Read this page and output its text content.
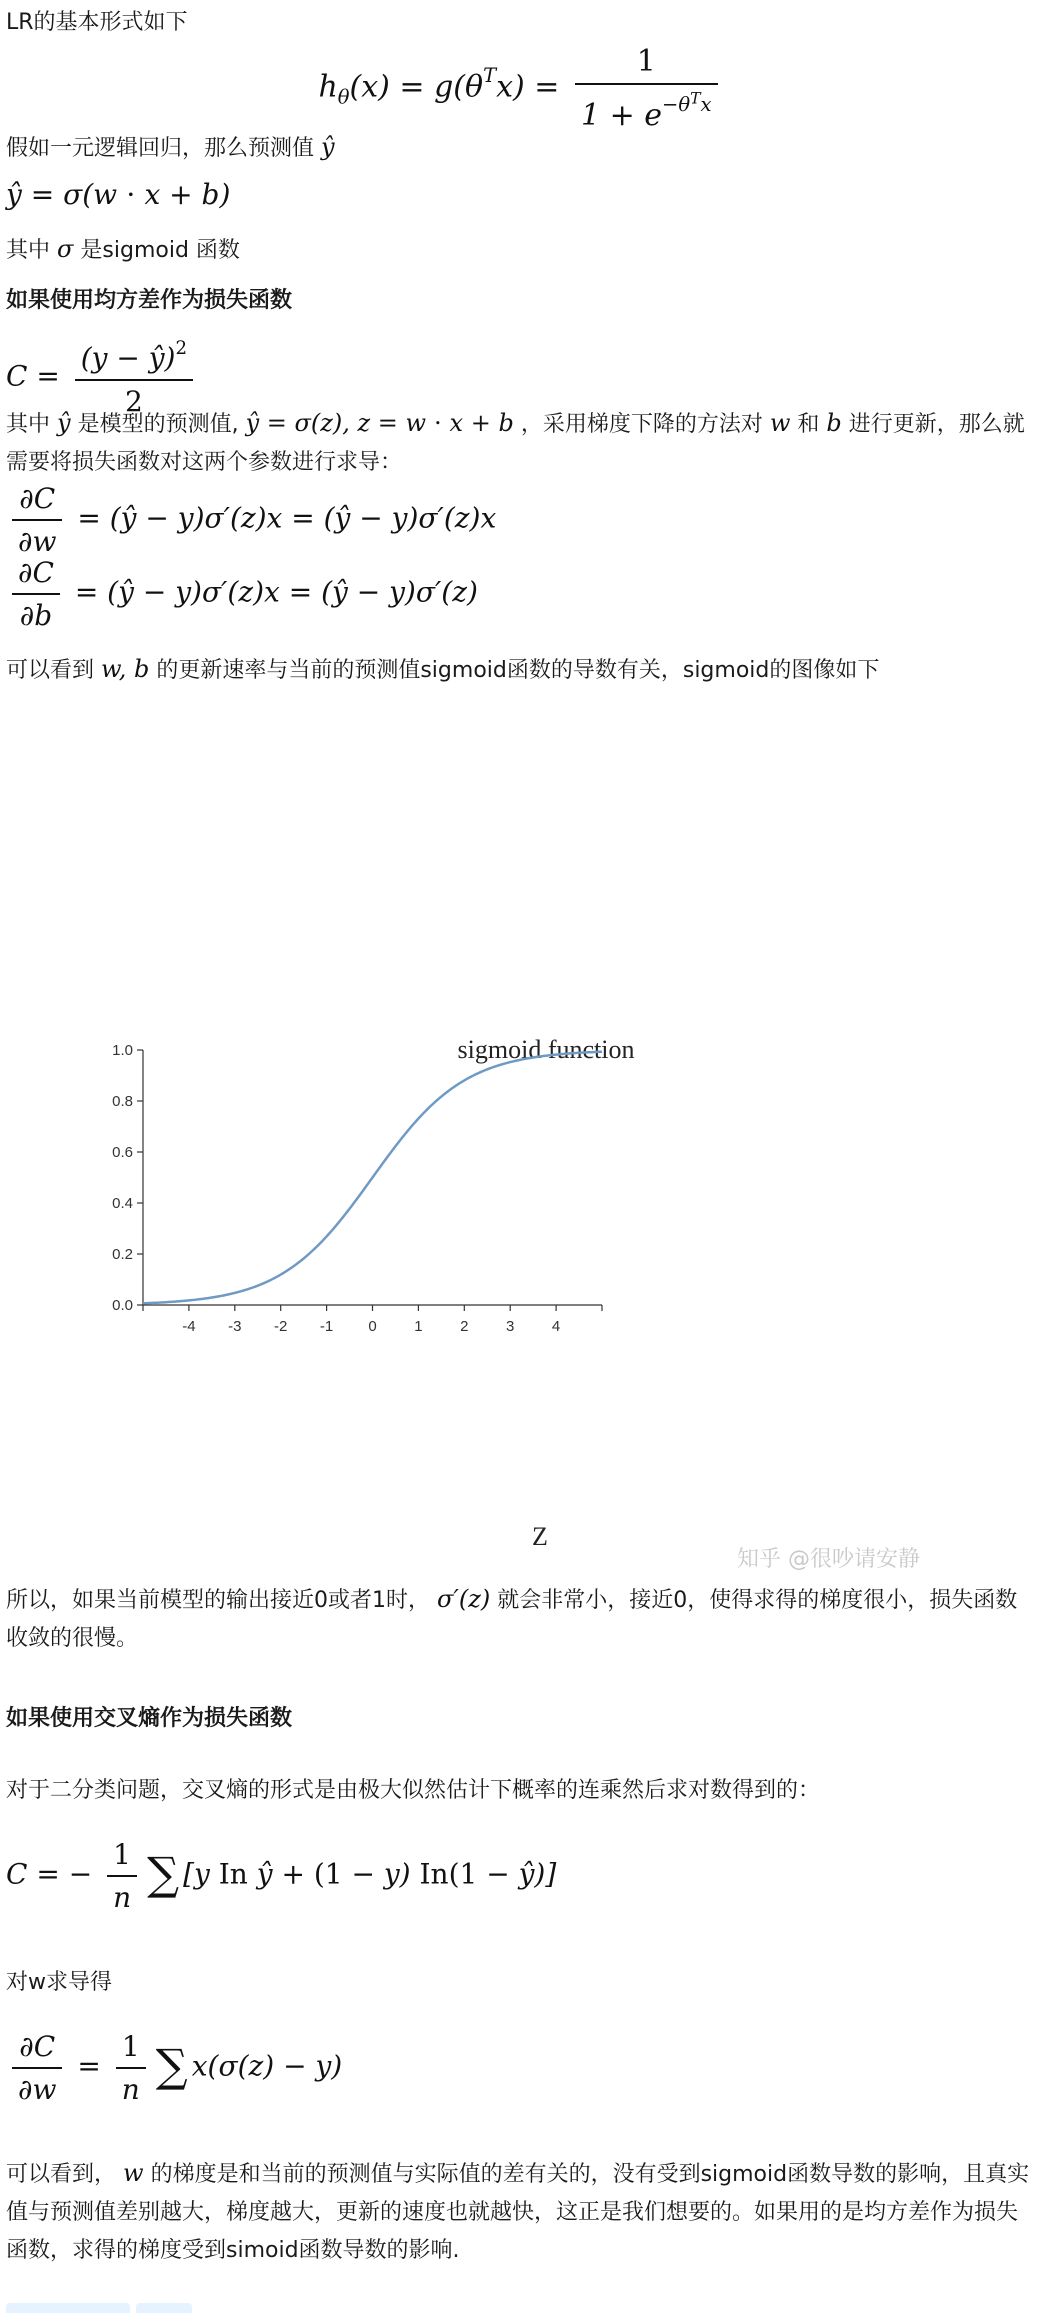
LR的基本形式如下
$h_\theta(x) = g(\theta^Tx) = \frac{1}{1 + e^{-\theta^Tx}}$
假如一元逻辑回归，那么预测值 ŷ
ŷ = σ(w ⋅ x + b)
其中 σ 是sigmoid 函数
如果使用均方差作为损失函数
$C = \frac{(y - ŷ)^2}{2}$
其中 ŷ 是模型的预测值, ŷ = σ(z), z = w ⋅ x + b ，采用梯度下降的方法对 w 和 b 进行更新，那么就需要将损失函数对这两个参数进行求导：
$\frac{\partial C}{\partial w}$ = (ŷ − y)σ′(z)x = (ŷ − y)σ′(z)x
$\frac{\partial C}{\partial b}$ = (ŷ − y)σ′(z)x = (ŷ − y)σ′(z)
可以看到 w, b 的更新速率与当前的预测值sigmoid函数的导数有关，sigmoid的图像如下
sigmoid function
-4 -3 -2 -1 0	1	2	3	4
0.0
0.2
0.4
0.6
0.8
1.0
Z
知乎 @很吵请安静
所以，如果当前模型的输出接近0或者1时， σ′(z) 就会非常小，接近0，使得求得的梯度很小，损失函数收敛的很慢。
如果使用交叉熵作为损失函数
对于二分类问题，交叉熵的形式是由极大似然估计下概率的连乘然后求对数得到的：
C = − $\frac{1}{n}$ ∑ [y In ŷ + (1 − y) In(1 − ŷ)]
对w求导得
$\frac{\partial C}{\partial w} = \frac{1}{n}$ ∑ x(σ(z) − y)
可以看到， w 的梯度是和当前的预测值与实际值的差有关的，没有受到sigmoid函数导数的影响，且真实值与预测值差别越大，梯度越大，更新的速度也就越快，这正是我们想要的。如果用的是均方差作为损失函数，求得的梯度受到simoid函数导数的影响.
